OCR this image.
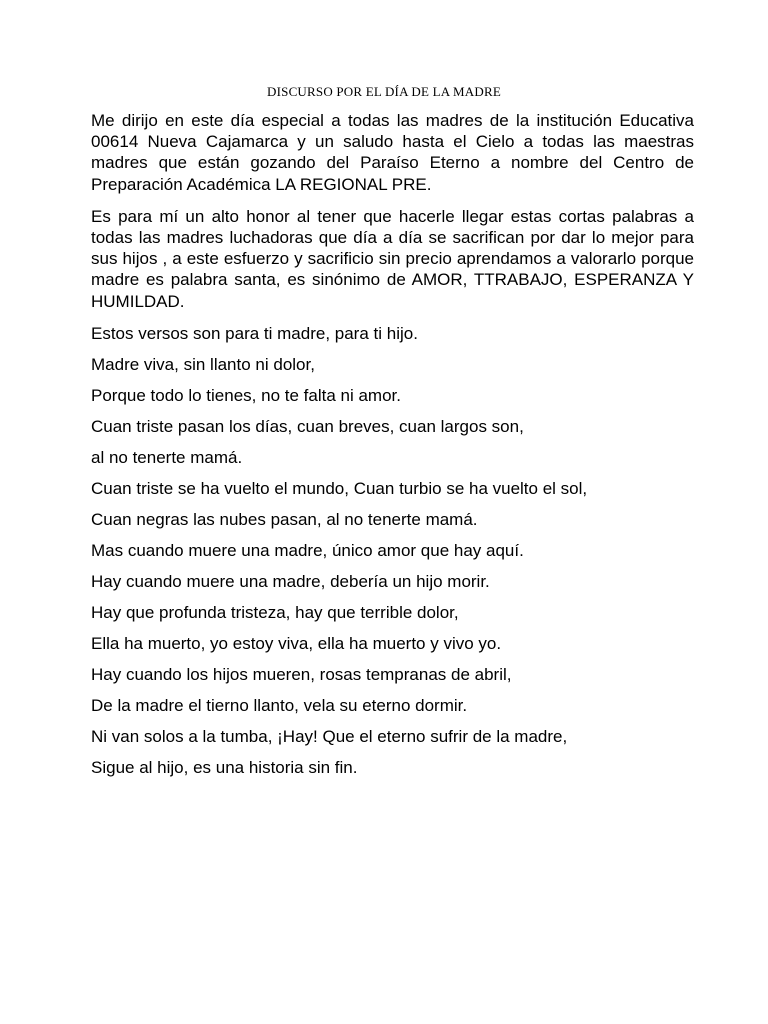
DISCURSO POR EL DÍA DE LA MADRE

Me dirijo en este día especial a todas las madres de la institución Educativa 00614 Nueva Cajamarca y un saludo hasta el Cielo a todas las maestras madres que están gozando del Paraíso Eterno a nombre del Centro de Preparación Académica LA REGIONAL PRE.

Es para mí un alto honor al tener que hacerle llegar estas cortas palabras a todas las madres luchadoras que día a día se sacrifican por dar lo mejor para sus hijos , a este esfuerzo y sacrificio sin precio aprendamos a valorarlo porque madre es palabra santa, es sinónimo de AMOR, TTRABAJO, ESPERANZA Y HUMILDAD.

Estos versos son para ti madre, para ti hijo.

Madre viva, sin llanto ni dolor,

Porque todo lo tienes, no te falta ni amor.

Cuan triste pasan los días, cuan breves, cuan largos son,

al no tenerte mamá.

Cuan triste se ha vuelto el mundo, Cuan turbio se ha vuelto el sol,

Cuan negras las nubes pasan, al no tenerte mamá.

Mas cuando muere una madre, único amor que hay aquí.

Hay cuando muere una madre, debería un hijo morir.

Hay que profunda tristeza, hay que terrible dolor,

Ella ha muerto, yo estoy viva, ella ha muerto y vivo yo.

Hay cuando los hijos mueren, rosas tempranas de abril,

De la madre el tierno llanto, vela su eterno dormir.

Ni van solos a la tumba, ¡Hay! Que el eterno sufrir de la madre,

Sigue al hijo, es una historia sin fin.
